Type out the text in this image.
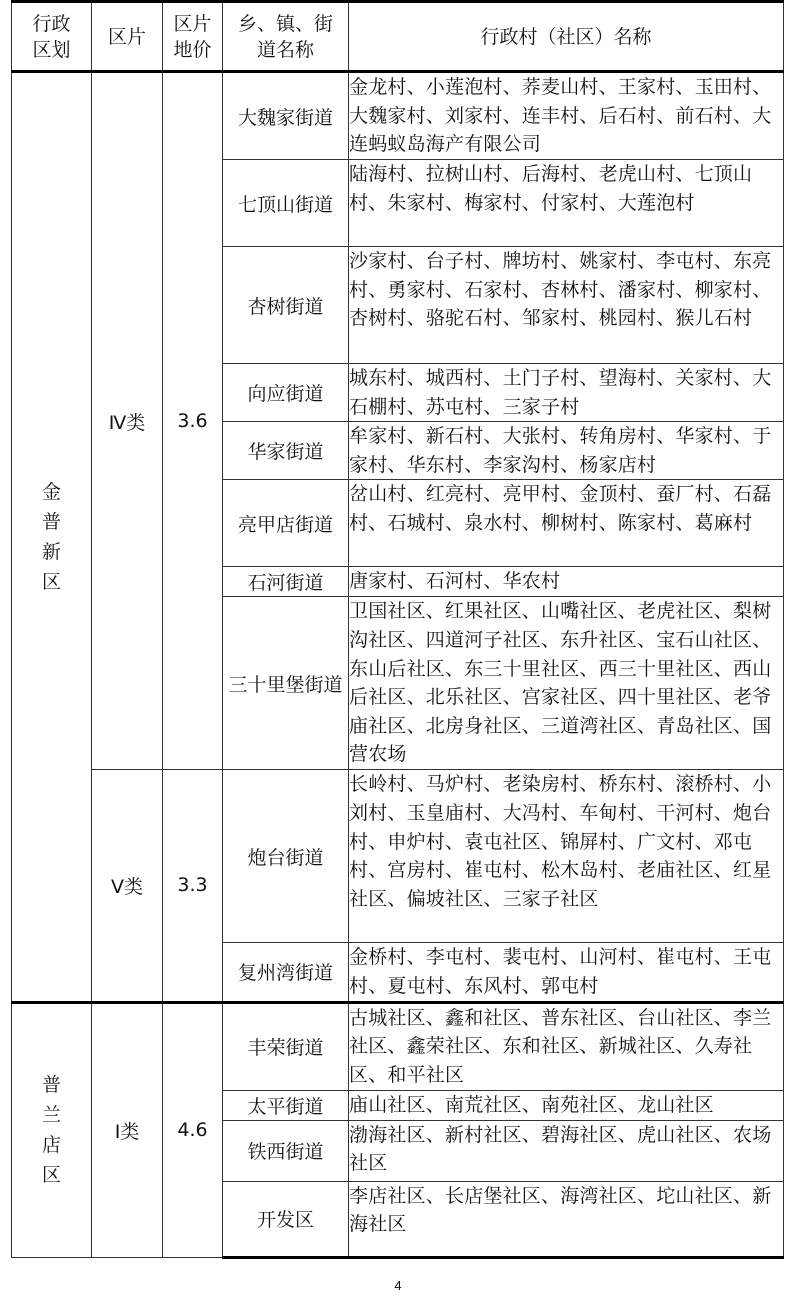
行政区划	区片	区片地价	乡、镇、街道名称	行政村（社区）名称

金普新区	Ⅳ类	3.6	大魏家街道	金龙村、小莲泡村、荞麦山村、王家村、玉田村、大魏家村、刘家村、连丰村、后石村、前石村、大连蚂蚁岛海产有限公司
			七顶山街道	陆海村、拉树山村、后海村、老虎山村、七顶山村、朱家村、梅家村、付家村、大莲泡村
			杏树街道	沙家村、台子村、牌坊村、姚家村、李屯村、东亮村、勇家村、石家村、杏林村、潘家村、柳家村、杏树村、骆驼石村、邹家村、桃园村、猴儿石村
			向应街道	城东村、城西村、土门子村、望海村、关家村、大石棚村、苏屯村、三家子村
			华家街道	牟家村、新石村、大张村、转角房村、华家村、于家村、华东村、李家沟村、杨家店村
			亮甲店街道	岔山村、红亮村、亮甲村、金顶村、蚕厂村、石磊村、石城村、泉水村、柳树村、陈家村、葛麻村
			石河街道	唐家村、石河村、华农村
			三十里堡街道	卫国社区、红果社区、山嘴社区、老虎社区、梨树沟社区、四道河子社区、东升社区、宝石山社区、东山后社区、东三十里社区、西三十里社区、西山后社区、北乐社区、宫家社区、四十里社区、老爷庙社区、北房身社区、三道湾社区、青岛社区、国营农场
	Ⅴ类	3.3	炮台街道	长岭村、马炉村、老染房村、桥东村、滚桥村、小刘村、玉皇庙村、大冯村、车甸村、干河村、炮台村、申炉村、袁屯社区、锦屏村、广文村、邓屯村、宫房村、崔屯村、松木岛村、老庙社区、红星社区、偏坡社区、三家子社区
			复州湾街道	金桥村、李屯村、裴屯村、山河村、崔屯村、王屯村、夏屯村、东风村、郭屯村

普兰店区	Ⅰ类	4.6	丰荣街道	古城社区、鑫和社区、普东社区、台山社区、李兰社区、鑫荣社区、东和社区、新城社区、久寿社区、和平社区
			太平街道	庙山社区、南荒社区、南苑社区、龙山社区
			铁西街道	渤海社区、新村社区、碧海社区、虎山社区、农场社区
			开发区	李店社区、长店堡社区、海湾社区、坨山社区、新海社区
4
